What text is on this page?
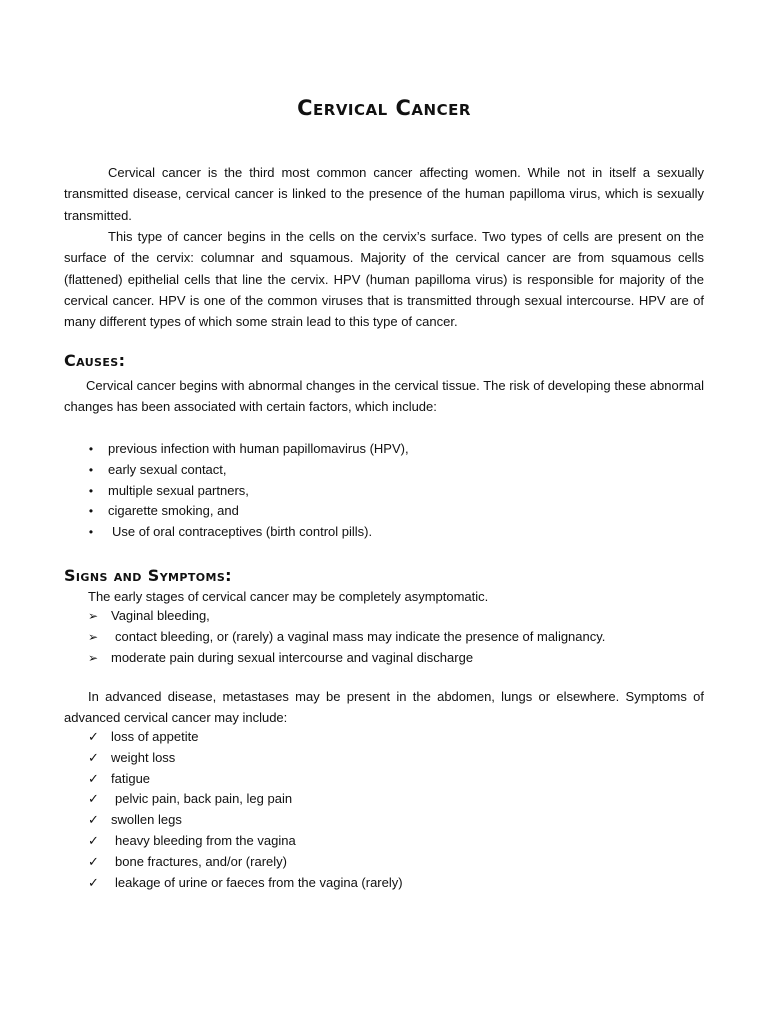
Cervical Cancer
Cervical cancer is the third most common cancer affecting women. While not in itself a sexually transmitted disease, cervical cancer is linked to the presence of the human papilloma virus, which is sexually transmitted.
This type of cancer begins in the cells on the cervix’s surface. Two types of cells are present on the surface of the cervix: columnar and squamous. Majority of the cervical cancer are from squamous cells (flattened) epithelial cells that line the cervix. HPV (human papilloma virus) is responsible for majority of the cervical cancer. HPV is one of the common viruses that is transmitted through sexual intercourse. HPV are of many different types of which some strain lead to this type of cancer.
Causes:
Cervical cancer begins with abnormal changes in the cervical tissue. The risk of developing these abnormal changes has been associated with certain factors, which include:
•	previous infection with human papillomavirus (HPV),
•	early sexual contact,
•	multiple sexual partners,
•	cigarette smoking, and
•	Use of oral contraceptives (birth control pills).
Signs and Symptoms:
The early stages of cervical cancer may be completely asymptomatic.
➢ Vaginal bleeding,
➢ contact bleeding, or (rarely) a vaginal mass may indicate the presence of malignancy.
➢ moderate pain during sexual intercourse and vaginal discharge
In advanced disease, metastases may be present in the abdomen, lungs or elsewhere. Symptoms of advanced cervical cancer may include:
✓ loss of appetite
✓ weight loss
✓ fatigue
✓ pelvic pain, back pain, leg pain
✓ swollen legs
✓ heavy bleeding from the vagina
✓ bone fractures, and/or (rarely)
✓ leakage of urine or faeces from the vagina (rarely)
